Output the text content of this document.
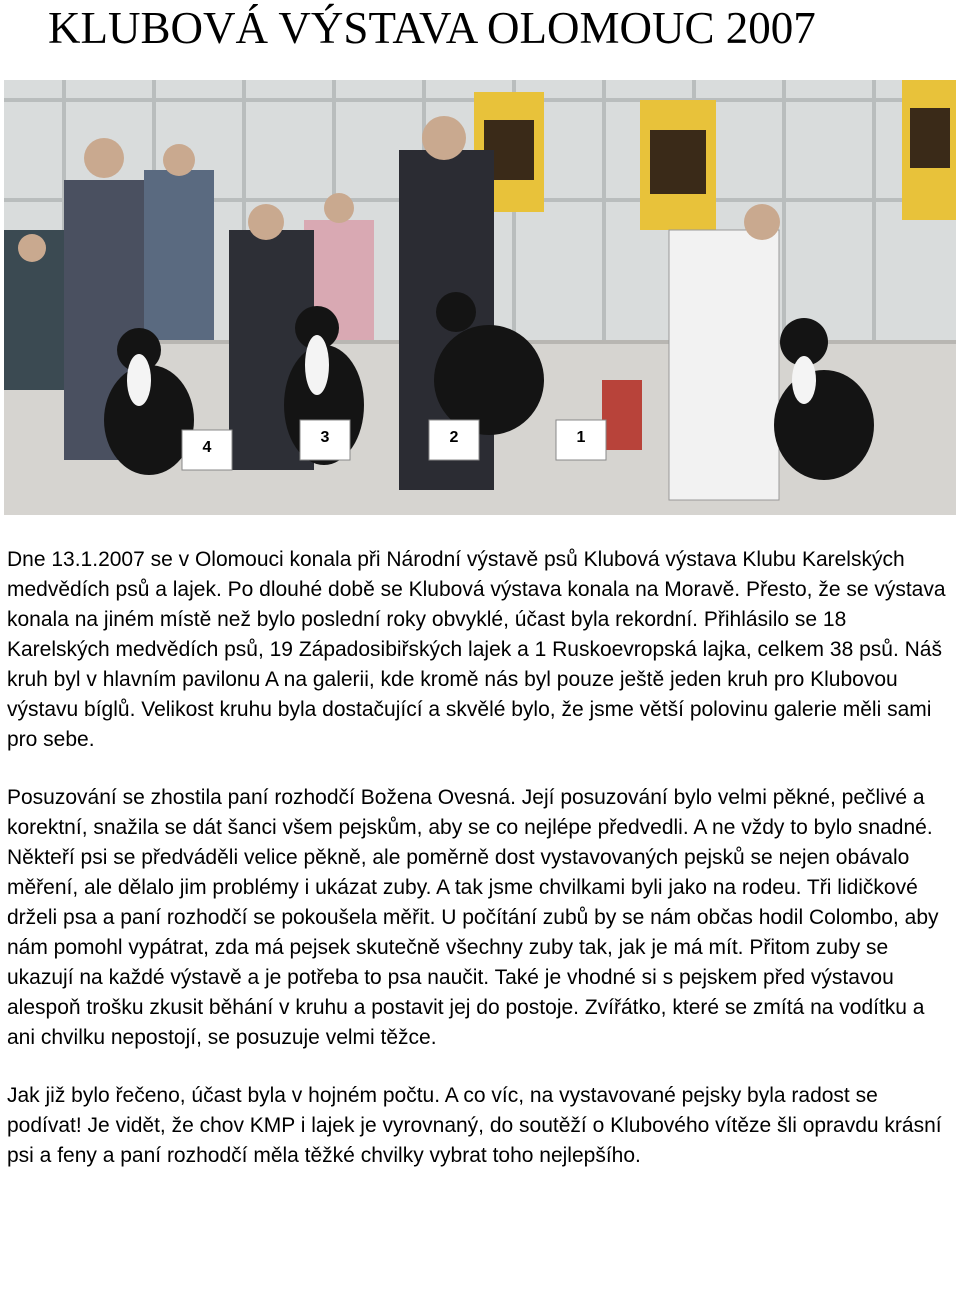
KLUBOVÁ VÝSTAVA OLOMOUC 2007
4
3	2	1

Dne 13.1.2007 se v Olomouci konala při Národní výstavě psů Klubová výstava Klubu Karelských medvědích psů a lajek. Po dlouhé době se Klubová výstava konala na Moravě. Přesto, že se výstava konala na jiném místě než bylo poslední roky obvyklé, účast byla rekordní. Přihlásilo se 18 Karelských medvědích psů, 19 Západosibiřských lajek a 1 Ruskoevropská lajka, celkem 38 psů. Náš kruh byl v hlavním pavilonu A na galerii, kde kromě nás byl pouze ještě jeden kruh pro Klubovou výstavu bíglů. Velikost kruhu byla dostačující a skvělé bylo, že jsme větší polovinu galerie měli sami pro sebe.

Posuzování se zhostila paní rozhodčí Božena Ovesná. Její posuzování bylo velmi pěkné, pečlivé a korektní, snažila se dát šanci všem pejskům, aby se co nejlépe předvedli. A ne vždy to bylo snadné. Někteří psi se předváděli velice pěkně, ale poměrně dost vystavovaných pejsků se nejen obávalo měření, ale dělalo jim problémy i ukázat zuby. A tak jsme chvilkami byli jako na rodeu. Tři lidičkové drželi psa a paní rozhodčí se pokoušela měřit. U počítání zubů by se nám občas hodil Colombo, aby nám pomohl vypátrat, zda má pejsek skutečně všechny zuby tak, jak je má mít. Přitom zuby se ukazují na každé výstavě a je potřeba to psa naučit. Také je vhodné si s pejskem před výstavou alespoň trošku zkusit běhání v kruhu a postavit jej do postoje. Zvířátko, které se zmítá na vodítku a ani chvilku nepostojí, se posuzuje velmi těžce.

Jak již bylo řečeno, účast byla v hojném počtu. A co víc, na vystavované pejsky byla radost se podívat! Je vidět, že chov KMP i lajek je vyrovnaný, do soutěží o Klubového vítěze šli opravdu krásní psi a feny a paní rozhodčí měla těžké chvilky vybrat toho nejlepšího.
